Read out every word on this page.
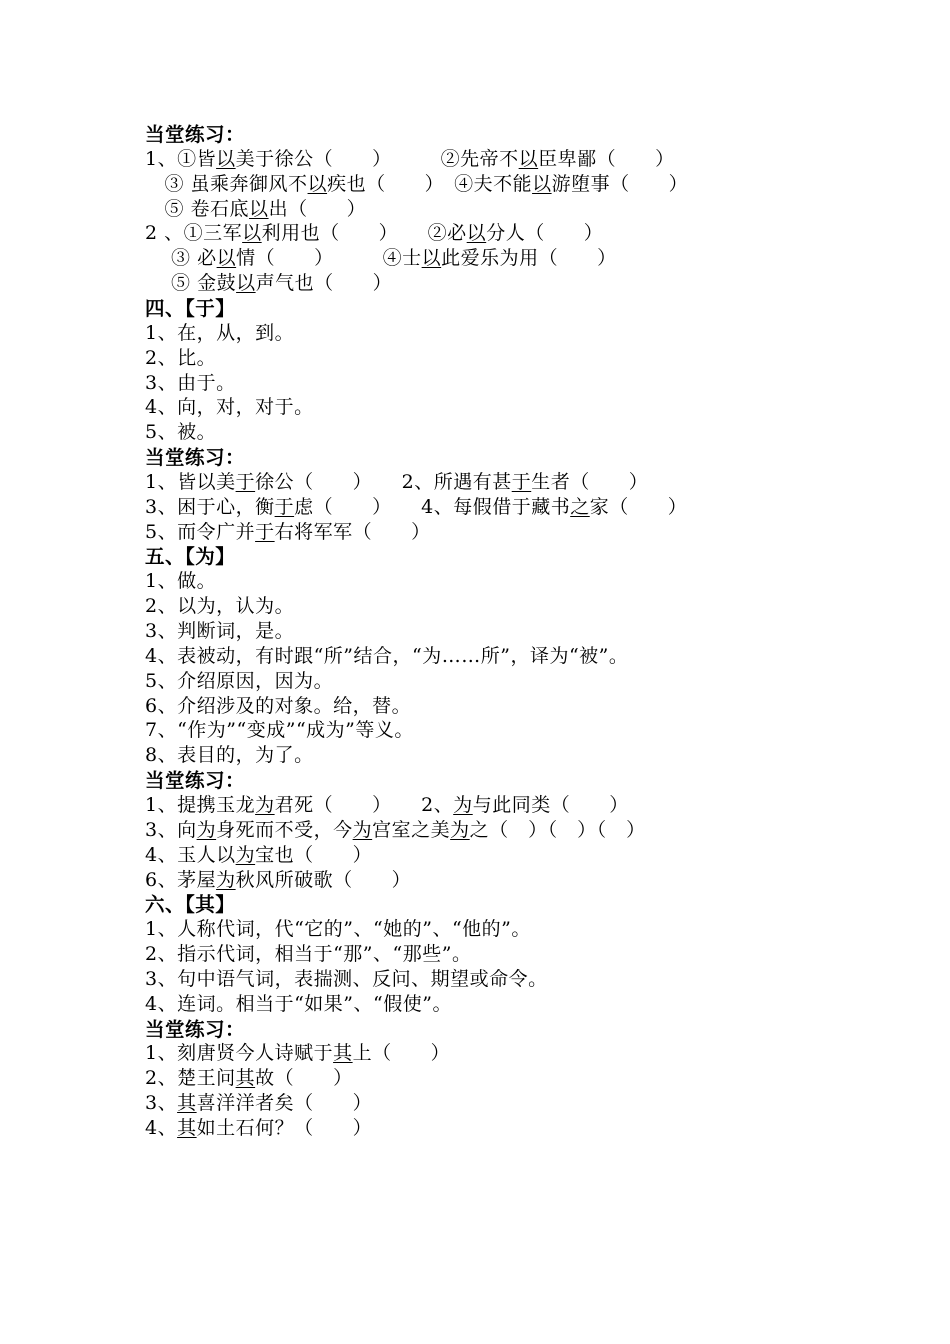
当堂练习：
1、①皆以美于徐公（　　）　　　②先帝不以臣卑鄙（　　）
　③ 虽乘奔御风不以疾也（　　）　④夫不能以游堕事（　　）
　⑤ 卷石底以出（　　）
2 、①三军以利用也（　　）　　②必以分人（　　）
　 ③ 必以情（　　）　　　④士以此爱乐为用（　　）
　 ⑤ 金鼓以声气也（　　）
四、【于】
1、在，从，到。
2、比。
3、由于。
4、向，对，对于。
5、被。
当堂练习：
1、皆以美于徐公（　　）　　2、所遇有甚于生者（　　）
3、困于心，衡于虑（　　）　　4、每假借于藏书之家（　　）
5、而令广并于右将军军（　　）
五、【为】
1、做。
2、以为，认为。
3、判断词，是。
4、表被动，有时跟“所”结合，“为……所”，译为“被”。
5、介绍原因，因为。
6、介绍涉及的对象。给，替。
7、“作为”“变成”“成为”等义。
8、表目的，为了。
当堂练习：
1、提携玉龙为君死（　　）　　2、为与此同类（　　）
3、向为身死而不受，今为宫室之美为之（　）（　）（　）
4、玉人以为宝也（　　）
6、茅屋为秋风所破歌（　　）
六、【其】
1、人称代词，代“它的”、“她的”、“他的”。
2、指示代词，相当于“那”、“那些”。
3、句中语气词，表揣测、反问、期望或命令。
4、连词。相当于“如果”、“假使”。
当堂练习：
1、刻唐贤今人诗赋于其上（　　）
2、楚王问其故（　　）
3、其喜洋洋者矣（　　）
4、其如土石何？（　　）
